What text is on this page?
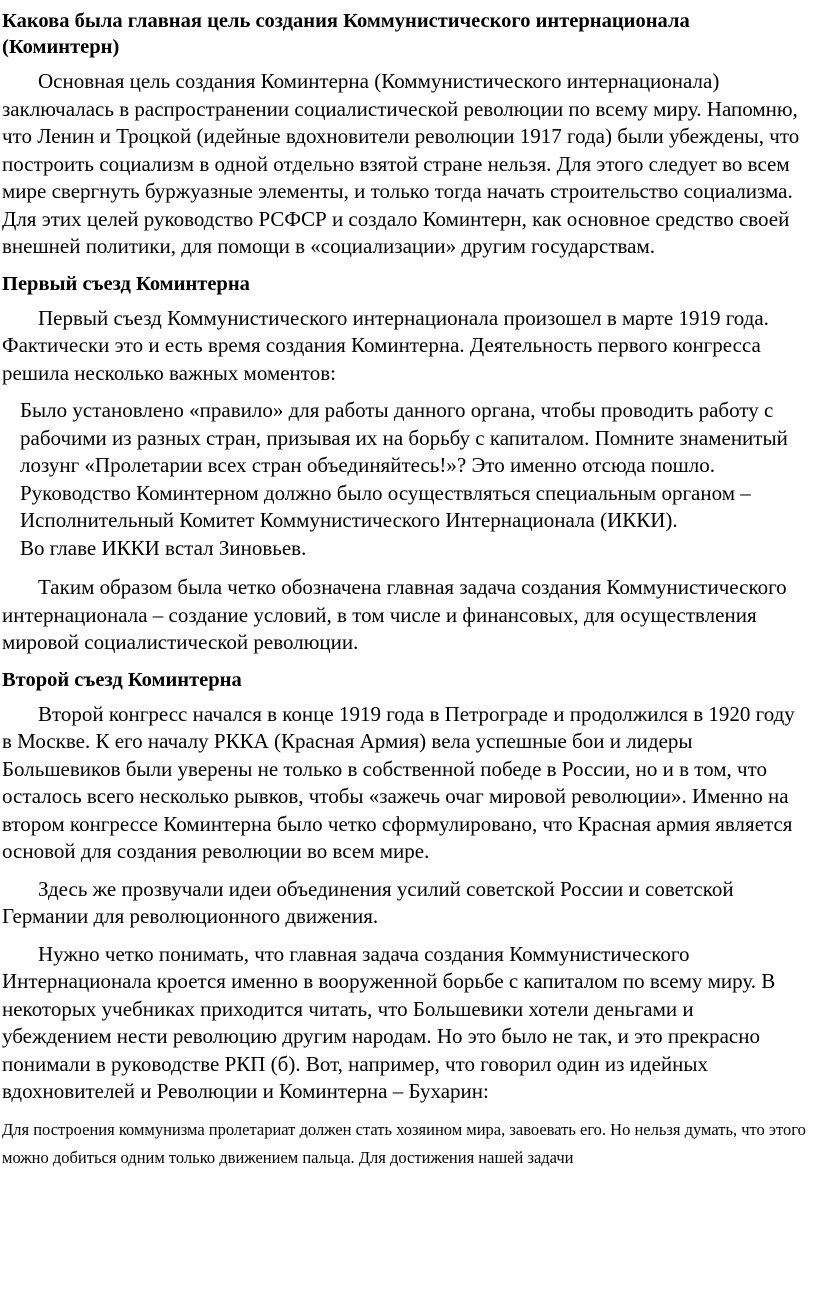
Какова была главная цель создания Коммунистического интернационала (Коминтерн)

Основная цель создания Коминтерна (Коммунистического интернационала) заключалась в распространении социалистической революции по всему миру. Напомню, что Ленин и Троцкой (идейные вдохновители революции 1917 года) были убеждены, что построить социализм в одной отдельно взятой стране нельзя. Для этого следует во всем мире свергнуть буржуазные элементы, и только тогда начать строительство социализма. Для этих целей руководство РСФСР и создало Коминтерн, как основное средство своей внешней политики, для помощи в «социализации» другим государствам.

Первый съезд Коминтерна

Первый съезд Коммунистического интернационала произошел в марте 1919 года. Фактически это и есть время создания Коминтерна. Деятельность первого конгресса решила несколько важных моментов:

Было установлено «правило» для работы данного органа, чтобы проводить работу с рабочими из разных стран, призывая их на борьбу с капиталом. Помните знаменитый лозунг «Пролетарии всех стран объединяйтесь!»? Это именно отсюда пошло.
Руководство Коминтерном должно было осуществляться специальным органом – Исполнительный Комитет Коммунистического Интернационала (ИККИ).
Во главе ИККИ встал Зиновьев.

Таким образом была четко обозначена главная задача создания Коммунистического интернационала – создание условий, в том числе и финансовых, для осуществления мировой социалистической революции.

Второй съезд Коминтерна

Второй конгресс начался в конце 1919 года в Петрограде и продолжился в 1920 году в Москве. К его началу РККА (Красная Армия) вела успешные бои и лидеры Большевиков были уверены не только в собственной победе в России, но и в том, что осталось всего несколько рывков, чтобы «зажечь очаг мировой революции». Именно на втором конгрессе Коминтерна было четко сформулировано, что Красная армия является основой для создания революции во всем мире.

Здесь же прозвучали идеи объединения усилий советской России и советской Германии для революционного движения.

Нужно четко понимать, что главная задача создания Коммунистического Интернационала кроется именно в вооруженной борьбе с капиталом по всему миру. В некоторых учебниках приходится читать, что Большевики хотели деньгами и убеждением нести революцию другим народам. Но это было не так, и это прекрасно понимали в руководстве РКП (б). Вот, например, что говорил один из идейных вдохновителей и Революции и Коминтерна – Бухарин:

Для построения коммунизма пролетариат должен стать хозяином мира, завоевать его. Но нельзя думать, что этого можно добиться одним только движением пальца. Для достижения нашей задачи
